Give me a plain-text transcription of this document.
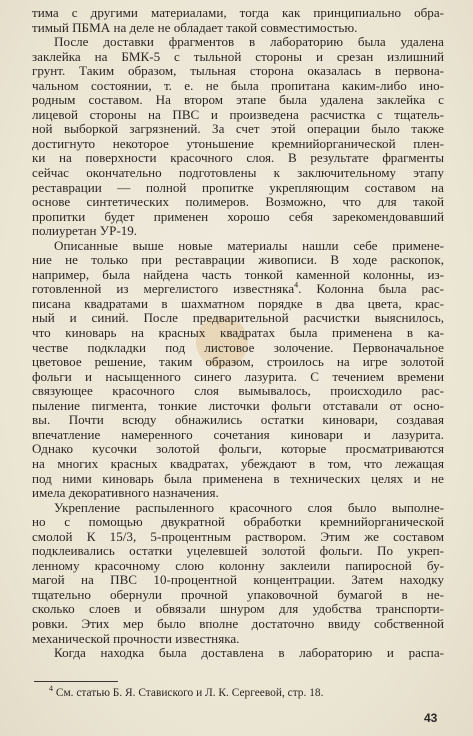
тима с другими материалами, тогда как принципиально обра-
тимый ПБМА на деле не обладает такой совместимостью.
После доставки фрагментов в лабораторию была удалена
заклейка на БМК-5 с тыльной стороны и срезан излишний
грунт. Таким образом, тыльная сторона оказалась в первона-
чальном состоянии, т. е. не была пропитана каким-либо ино-
родным составом. На втором этапе была удалена заклейка с
лицевой стороны на ПВС и произведена расчистка с тщатель-
ной выборкой загрязнений. За счет этой операции было также
достигнуто некоторое утоньшение кремнийорганической плен-
ки на поверхности красочного слоя. В результате фрагменты
сейчас окончательно подготовлены к заключительному этапу
реставрации — полной пропитке укрепляющим составом на
основе синтетических полимеров. Возможно, что для такой
пропитки будет применен хорошо себя зарекомендовавший
полиуретан УР-19.
Описанные выше новые материалы нашли себе примене-
ние не только при реставрации живописи. В ходе раскопок,
например, была найдена часть тонкой каменной колонны, из-
готовленной из мергелистого известняка$^4$. Колонна была рас-
писана квадратами в шахматном порядке в два цвета, крас-
ный и синий. После предварительной расчистки выяснилось,
что киноварь на красных квадратах была применена в ка-
честве подкладки под листовое золочение. Первоначальное
цветовое решение, таким образом, строилось на игре золотой
фольги и насыщенного синего лазурита. С течением времени
связующее красочного слоя вымывалось, происходило рас-
пыление пигмента, тонкие листочки фольги отставали от осно-
вы. Почти всюду обнажились остатки киновари, создавая
впечатление намеренного сочетания киновари и лазурита.
Однако кусочки золотой фольги, которые просматриваются
на многих красных квадратах, убеждают в том, что лежащая
под ними киноварь была применена в технических целях и не
имела декоративного назначения.
Укрепление распыленного красочного слоя было выполне-
но с помощью двукратной обработки кремнийорганической
смолой К 15/3, 5-процентным раствором. Этим же составом
подклеивались остатки уцелевшей золотой фольги. По укреп-
ленному красочному слою колонну заклеили папиросной бу-
магой на ПВС 10-процентной концентрации. Затем находку
тщательно обернули прочной упаковочной бумагой в не-
сколько слоев и обвязали шнуром для удобства транспорти-
ровки. Этих мер было вполне достаточно ввиду собственной
механической прочности известняка.
Когда находка была доставлена в лабораторию и распа-
$^4$ См. статью Б. Я. Ставиского и Л. К. Сергеевой, стр. 18.
43
